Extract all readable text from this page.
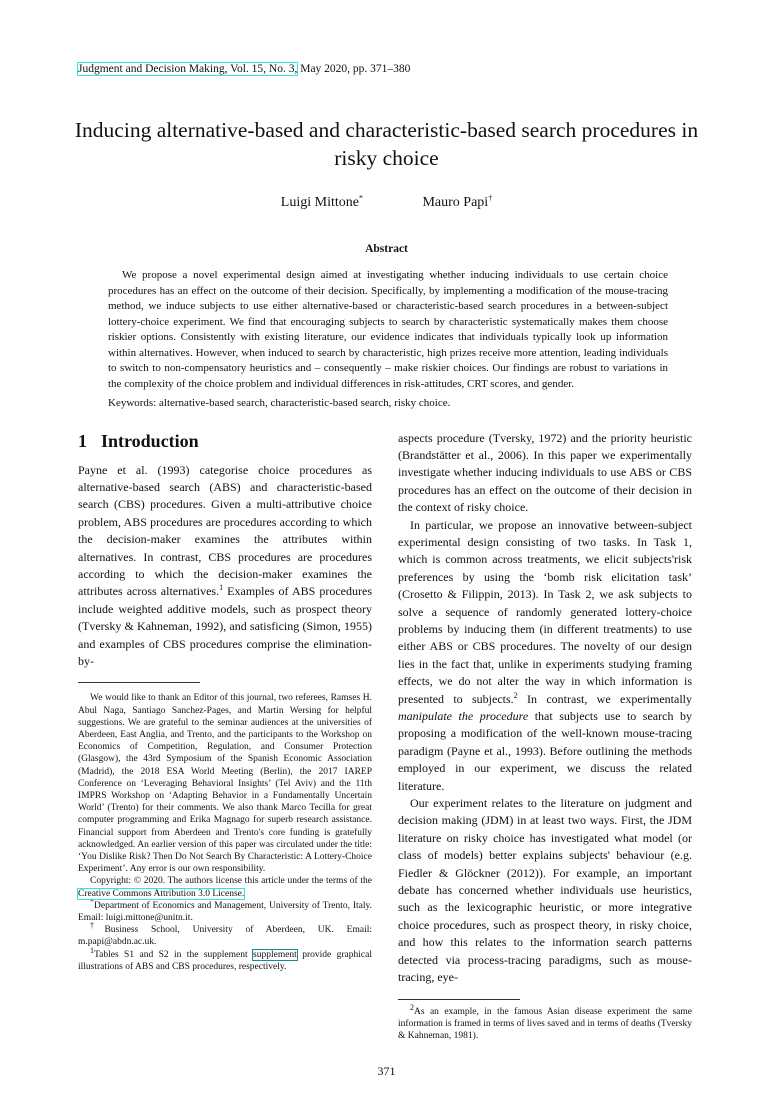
Judgment and Decision Making, Vol. 15, No. 3, May 2020, pp. 371–380
Inducing alternative-based and characteristic-based search procedures in risky choice
Luigi Mittone*	Mauro Papi†
Abstract

We propose a novel experimental design aimed at investigating whether inducing individuals to use certain choice procedures has an effect on the outcome of their decision. Specifically, by implementing a modification of the mouse-tracing method, we induce subjects to use either alternative-based or characteristic-based search procedures in a between-subject lottery-choice experiment. We find that encouraging subjects to search by characteristic systematically makes them choose riskier options. Consistently with existing literature, our evidence indicates that individuals typically look up information within alternatives. However, when induced to search by characteristic, high prizes receive more attention, leading individuals to switch to non-compensatory heuristics and – consequently – make riskier choices. Our findings are robust to variations in the complexity of the choice problem and individual differences in risk-attitudes, CRT scores, and gender.

Keywords: alternative-based search, characteristic-based search, risky choice.
1 Introduction

Payne et al. (1993) categorise choice procedures as alternative-based search (ABS) and characteristic-based search (CBS) procedures. Given a multi-attributive choice problem, ABS procedures are procedures according to which the decision-maker examines the attributes within alternatives. In contrast, CBS procedures are procedures according to which the decision-maker examines the attributes across alternatives.$^1$ Examples of ABS procedures include weighted additive models, such as prospect theory (Tversky & Kahneman, 1992), and satisficing (Simon, 1955) and examples of CBS procedures comprise the elimination-by-

We would like to thank an Editor of this journal, two referees, Ramses H. Abul Naga, Santiago Sanchez-Pages, and Martin Wersing for helpful suggestions. We are grateful to the seminar audiences at the universities of Aberdeen, East Anglia, and Trento, and the participants to the Workshop on Economics of Competition, Regulation, and Consumer Protection (Glasgow), the 43rd Symposium of the Spanish Economic Association (Madrid), the 2018 ESA World Meeting (Berlin), the 2017 IAREP Conference on ‘Leveraging Behavioral Insights’ (Tel Aviv) and the 11th IMPRS Workshop on ‘Adapting Behavior in a Fundamentally Uncertain World’ (Trento) for their comments. We also thank Marco Tecilla for great computer programming and Erika Magnago for superb research assistance. Financial support from Aberdeen and Trento's core funding is gratefully acknowledged. An earlier version of this paper was circulated under the title: ‘You Dislike Risk? Then Do Not Search By Characteristic: A Lottery-Choice Experiment’. Any error is our own responsibility.

Copyright: © 2020. The authors license this article under the terms of the Creative Commons Attribution 3.0 License.

*Department of Economics and Management, University of Trento, Italy. Email: luigi.mittone@unitn.it.

†Business School, University of Aberdeen, UK. Email: m.papi@abdn.ac.uk.

$^1$Tables S1 and S2 in the supplement supplement provide graphical illustrations of ABS and CBS procedures, respectively.

aspects procedure (Tversky, 1972) and the priority heuristic (Brandstätter et al., 2006). In this paper we experimentally investigate whether inducing individuals to use ABS or CBS procedures has an effect on the outcome of their decision in the context of risky choice.

In particular, we propose an innovative between-subject experimental design consisting of two tasks. In Task 1, which is common across treatments, we elicit subjects'risk preferences by using the ‘bomb risk elicitation task’ (Crosetto & Filippin, 2013). In Task 2, we ask subjects to solve a sequence of randomly generated lottery-choice problems by inducing them (in different treatments) to use either ABS or CBS procedures. The novelty of our design lies in the fact that, unlike in experiments studying framing effects, we do not alter the way in which information is presented to subjects.$^2$ In contrast, we experimentally manipulate the procedure that subjects use to search by proposing a modification of the well-known mouse-tracing paradigm (Payne et al., 1993). Before outlining the methods employed in our experiment, we discuss the related literature.

Our experiment relates to the literature on judgment and decision making (JDM) in at least two ways. First, the JDM literature on risky choice has investigated what model (or class of models) better explains subjects' behaviour (e.g. Fiedler & Glöckner (2012)). For example, an important debate has concerned whether individuals use heuristics, such as the lexicographic heuristic, or more integrative choice procedures, such as prospect theory, in risky choice, and how this relates to the information search patterns detected via process-tracing paradigms, such as mouse-tracing, eye-

$^2$As an example, in the famous Asian disease experiment the same information is framed in terms of lives saved and in terms of deaths (Tversky & Kahneman, 1981).

371
